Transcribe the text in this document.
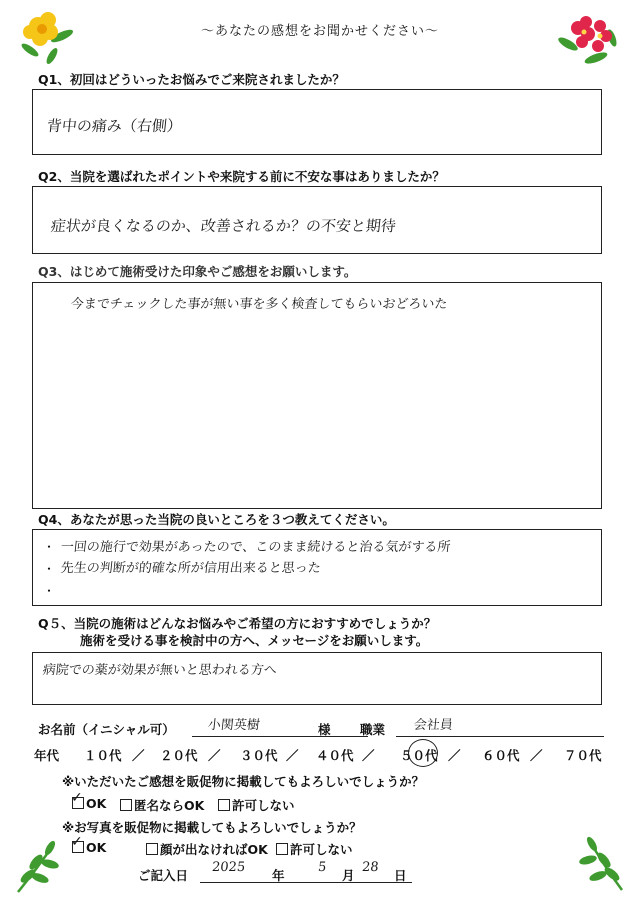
～あなたの感想をお聞かせください～
Q1、初回はどういったお悩みでご来院されましたか？
背中の痛み（右側）
Q2、当院を選ばれたポイントや来院する前に不安な事はありましたか？
症状が良くなるのか、改善されるか？の不安と期待
Q3、はじめて施術受けた印象やご感想をお願いします。
今までチェックした事が無い事を多く検査してもらいおどろいた
Q4、あなたが思った当院の良いところを３つ教えてください。
・ 一回の施行で効果があったので、このまま続けると治る気がする所
・ 先生の判断が的確な所が信用出来ると思った
・
Q５、当院の施術はどんなお悩みやご希望の方におすすめでしょうか？
施術を受ける事を検討中の方へ、メッセージをお願いします。
病院での薬が効果が無いと思われる方へ
お名前（イニシャル可） 小関英樹	様 職業 会社員
年代 １０代 ／ ２０代 ／ ３０代 ／ ４０代 ／ ５０代 ／ ６０代 ／ ７０代
※いただいたご感想を販促物に掲載してもよろしいでしょうか？
✓ OK	匿名ならOK	許可しない
※お写真を販促物に掲載してもよろしいでしょうか？
✓ OK	顔が出なければOK	許可しない
ご記入日
2025
年
5
月
28
日
